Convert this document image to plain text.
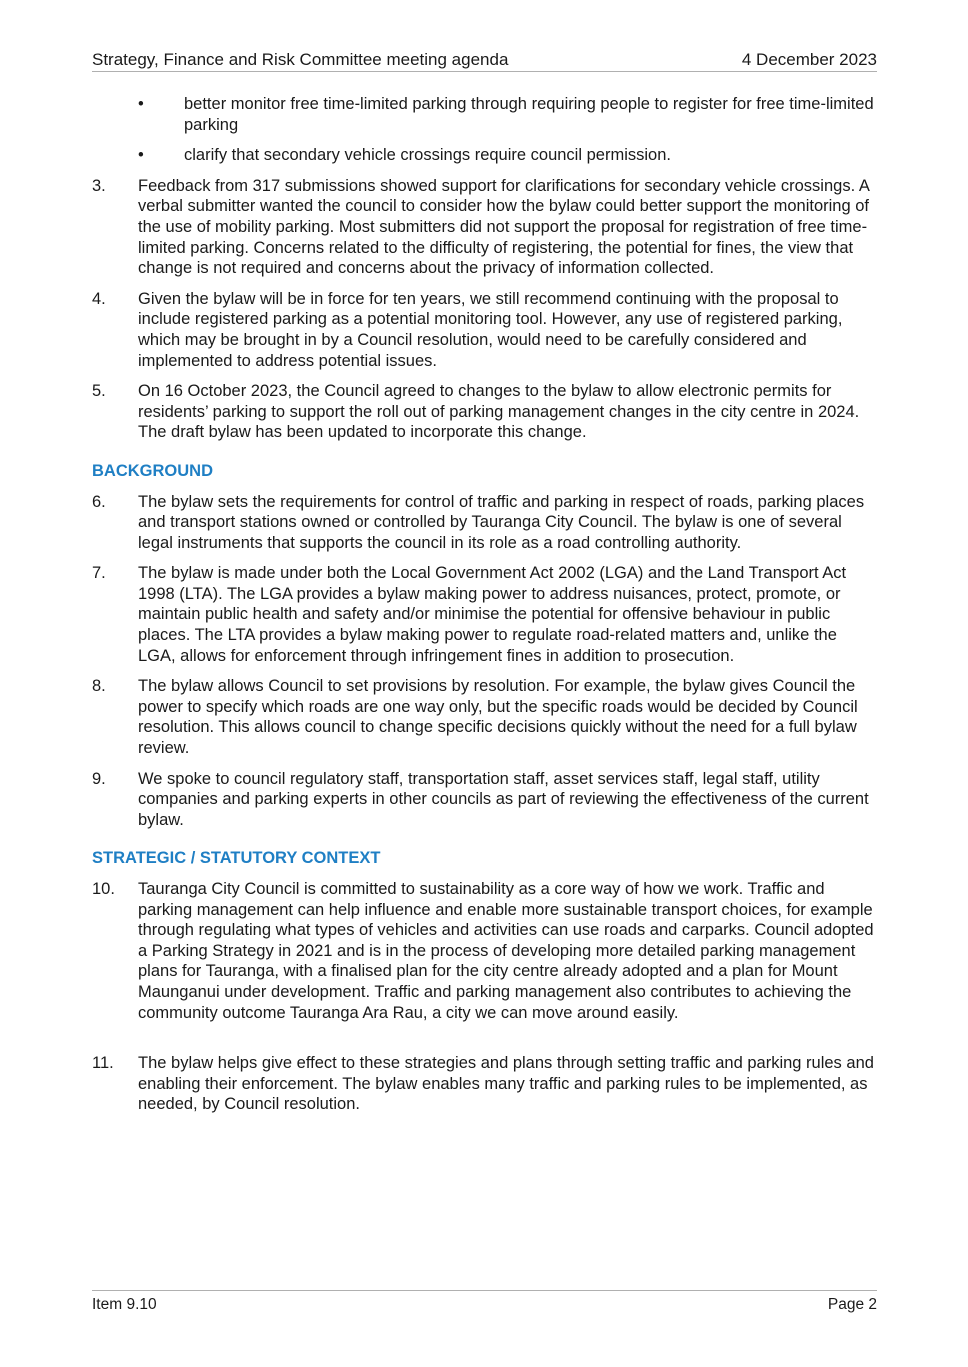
Strategy, Finance and Risk Committee meeting agenda	4 December 2023
• better monitor free time-limited parking through requiring people to register for free time-limited parking
• clarify that secondary vehicle crossings require council permission.
3. Feedback from 317 submissions showed support for clarifications for secondary vehicle crossings. A verbal submitter wanted the council to consider how the bylaw could better support the monitoring of the use of mobility parking. Most submitters did not support the proposal for registration of free time-limited parking. Concerns related to the difficulty of registering, the potential for fines, the view that change is not required and concerns about the privacy of information collected.
4. Given the bylaw will be in force for ten years, we still recommend continuing with the proposal to include registered parking as a potential monitoring tool. However, any use of registered parking, which may be brought in by a Council resolution, would need to be carefully considered and implemented to address potential issues.
5. On 16 October 2023, the Council agreed to changes to the bylaw to allow electronic permits for residents’ parking to support the roll out of parking management changes in the city centre in 2024. The draft bylaw has been updated to incorporate this change.
BACKGROUND
6. The bylaw sets the requirements for control of traffic and parking in respect of roads, parking places and transport stations owned or controlled by Tauranga City Council. The bylaw is one of several legal instruments that supports the council in its role as a road controlling authority.
7. The bylaw is made under both the Local Government Act 2002 (LGA) and the Land Transport Act 1998 (LTA). The LGA provides a bylaw making power to address nuisances, protect, promote, or maintain public health and safety and/or minimise the potential for offensive behaviour in public places. The LTA provides a bylaw making power to regulate road-related matters and, unlike the LGA, allows for enforcement through infringement fines in addition to prosecution.
8. The bylaw allows Council to set provisions by resolution. For example, the bylaw gives Council the power to specify which roads are one way only, but the specific roads would be decided by Council resolution. This allows council to change specific decisions quickly without the need for a full bylaw review.
9. We spoke to council regulatory staff, transportation staff, asset services staff, legal staff, utility companies and parking experts in other councils as part of reviewing the effectiveness of the current bylaw.
STRATEGIC / STATUTORY CONTEXT
10. Tauranga City Council is committed to sustainability as a core way of how we work. Traffic and parking management can help influence and enable more sustainable transport choices, for example through regulating what types of vehicles and activities can use roads and carparks. Council adopted a Parking Strategy in 2021 and is in the process of developing more detailed parking management plans for Tauranga, with a finalised plan for the city centre already adopted and a plan for Mount Maunganui under development. Traffic and parking management also contributes to achieving the community outcome Tauranga Ara Rau, a city we can move around easily.
11. The bylaw helps give effect to these strategies and plans through setting traffic and parking rules and enabling their enforcement. The bylaw enables many traffic and parking rules to be implemented, as needed, by Council resolution.
Item 9.10	Page 2
